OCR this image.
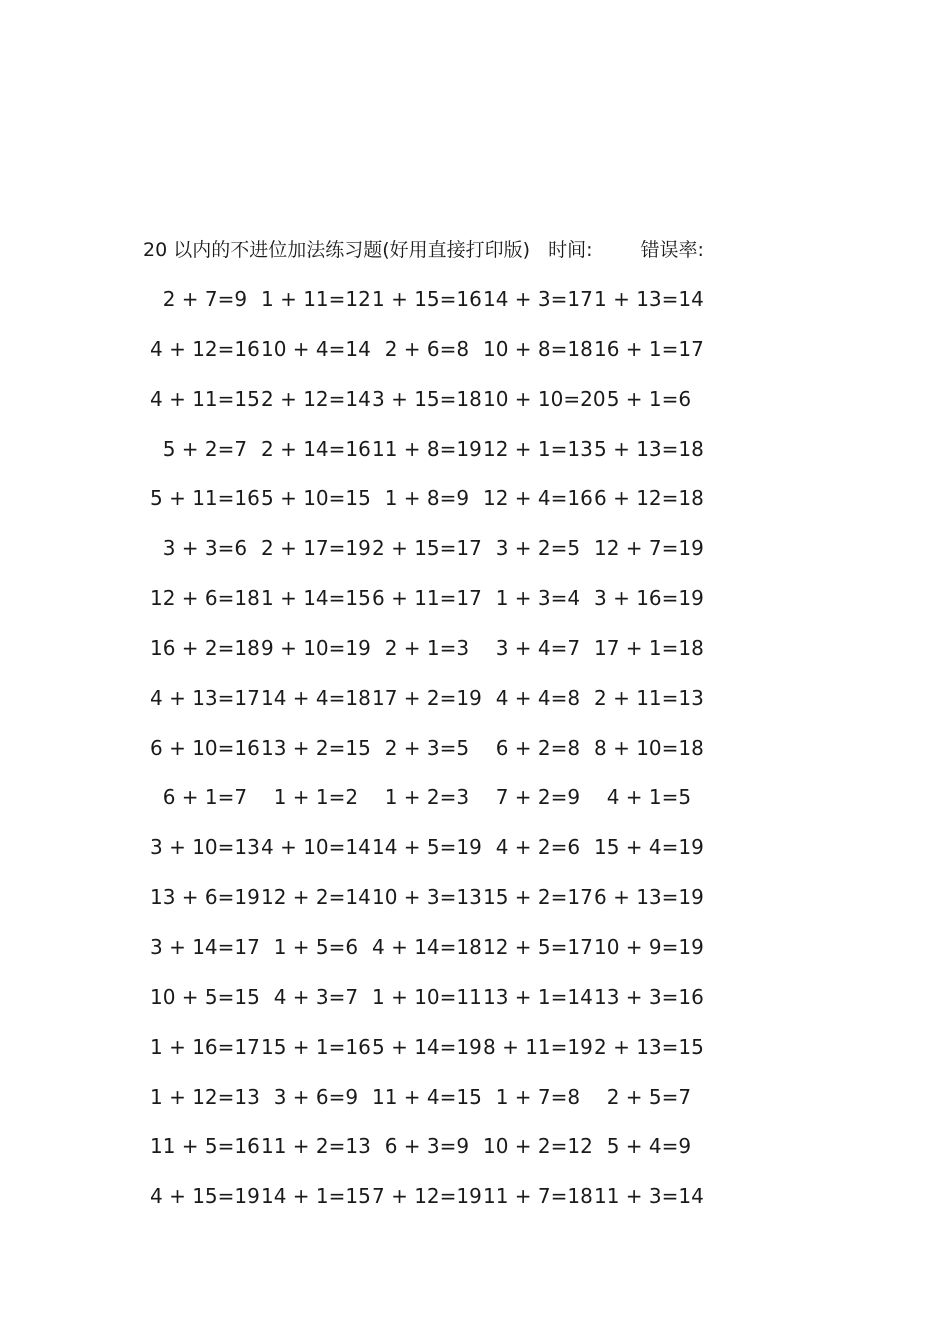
20 以内的不进位加法练习题(好用直接打印版) 时间:	错误率:
2 + 7=9 1 + 11=12 1 + 15=16 14 + 3=17 1 + 13=14
4 + 12=16 10 + 4=14 2 + 6=8 10 + 8=18 16 + 1=17
4 + 11=15 2 + 12=14 3 + 15=18 10 + 10=20
5 + 1=6
5 + 2=7 2 + 14=16 11 + 8=19 12 + 1=13 5 + 13=18
5 + 11=16 5 + 10=15 1 + 8=9 12 + 4=16 6 + 12=18
3 + 3=6 2 + 17=19 2 + 15=17 3 + 2=5 12 + 7=19
12 + 6=18 1 + 14=15 6 + 11=17 1 + 3=4 3 + 16=19
16 + 2=18 9 + 10=19 2 + 1=3 3 + 4=7 17 + 1=18
4 + 13=17 14 + 4=18 17 + 2=19 4 + 4=8 2 + 11=13
6 + 10=16 13 + 2=15 2 + 3=5 6 + 2=8 8 + 10=18
6 + 1=7 1 + 1=2 1 + 2=3 7 + 2=9 4 + 1=5
3 + 10=13 4 + 10=14 14 + 5=19 4 + 2=6 15 + 4=19
13 + 6=19 12 + 2=14 10 + 3=13 15 + 2=17 6 + 13=19
3 + 14=17 1 + 5=6 4 + 14=18 12 + 5=17 10 + 9=19
10 + 5=15 4 + 3=7 1 + 10=11 13 + 1=14 13 + 3=16
1 + 16=17 15 + 1=16 5 + 14=19 8 + 11=19 2 + 13=15
1 + 12=13 3 + 6=9 11 + 4=15 1 + 7=8 2 + 5=7
11 + 5=16 11 + 2=13 6 + 3=9 10 + 2=12 5 + 4=9
4 + 15=19 14 + 1=15 7 + 12=19 11 + 7=18 11 + 3=14
